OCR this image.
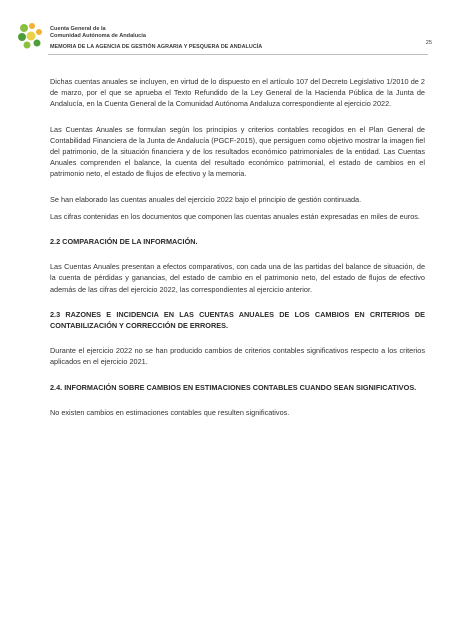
Cuenta General de la
Comunidad Autónoma de Andalucía
MEMORIA DE LA AGENCIA DE GESTIÓN AGRARIA Y PESQUERA DE ANDALUCÍA
25

Dichas cuentas anuales se incluyen, en virtud de lo dispuesto en el artículo 107 del Decreto Legislativo 1/2010 de 2 de marzo, por el que se aprueba el Texto Refundido de la Ley General de la Hacienda Pública de la Junta de Andalucía, en la Cuenta General de la Comunidad Autónoma Andaluza correspondiente al ejercicio 2022.

Las Cuentas Anuales se formulan según los principios y criterios contables recogidos en el Plan General de Contabilidad Financiera de la Junta de Andalucía (PGCF-2015), que persiguen como objetivo mostrar la imagen fiel del patrimonio, de la situación financiera y de los resultados económico patrimoniales de la entidad. Las Cuentas Anuales comprenden el balance, la cuenta del resultado económico patrimonial, el estado de cambios en el patrimonio neto, el estado de flujos de efectivo y la memoria.

Se han elaborado las cuentas anuales del ejercicio 2022 bajo el principio de gestión continuada.

Las cifras contenidas en los documentos que componen las cuentas anuales están expresadas en miles de euros.

2.2 COMPARACIÓN DE LA INFORMACIÓN.

Las Cuentas Anuales presentan a efectos comparativos, con cada una de las partidas del balance de situación, de la cuenta de pérdidas y ganancias, del estado de cambio en el patrimonio neto, del estado de flujos de efectivo además de las cifras del ejercicio 2022, las correspondientes al ejercicio anterior.

2.3 RAZONES E INCIDENCIA EN LAS CUENTAS ANUALES DE LOS CAMBIOS EN CRITERIOS DE CONTABILIZACIÓN Y CORRECCIÓN DE ERRORES.

Durante el ejercicio 2022 no se han producido cambios de criterios contables significativos respecto a los criterios aplicados en el ejercicio 2021.

2.4. INFORMACIÓN SOBRE CAMBIOS EN ESTIMACIONES CONTABLES CUANDO SEAN SIGNIFICATIVOS.

No existen cambios en estimaciones contables que resulten significativos.
